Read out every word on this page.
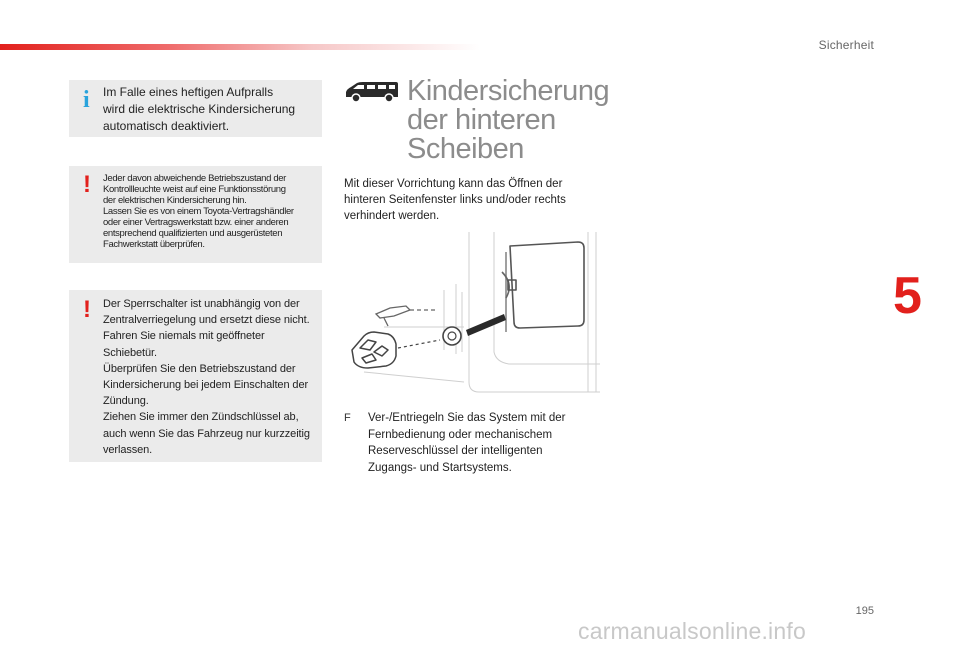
Sicherheit
5
i Im Falle eines heftigen Aufpralls
wird die elektrische Kindersicherung
automatisch deaktiviert.
! Jeder davon abweichende Betriebszustand der
Kontrollleuchte weist auf eine Funktionsstörung
der elektrischen Kindersicherung hin.
Lassen Sie es von einem Toyota-Vertragshändler
oder einer Vertragswerkstatt bzw. einer anderen
entsprechend qualifizierten und ausgerüsteten
Fachwerkstatt überprüfen.
! Der Sperrschalter ist unabhängig von der
Zentralverriegelung und ersetzt diese nicht.
Fahren Sie niemals mit geöffneter
Schiebetür.
Überprüfen Sie den Betriebszustand der
Kindersicherung bei jedem Einschalten der
Zündung.
Ziehen Sie immer den Zündschlüssel ab,
auch wenn Sie das Fahrzeug nur kurzzeitig
verlassen.
Kindersicherung
der hinteren
Scheiben
Mit dieser Vorrichtung kann das Öffnen der
hinteren Seitenfenster links und/oder rechts
verhindert werden.
F Ver-/Entriegeln Sie das System mit der
Fernbedienung oder mechanischem
Reserveschlüssel der intelligenten
Zugangs- und Startsystems.
195
carmanualsonline.info
